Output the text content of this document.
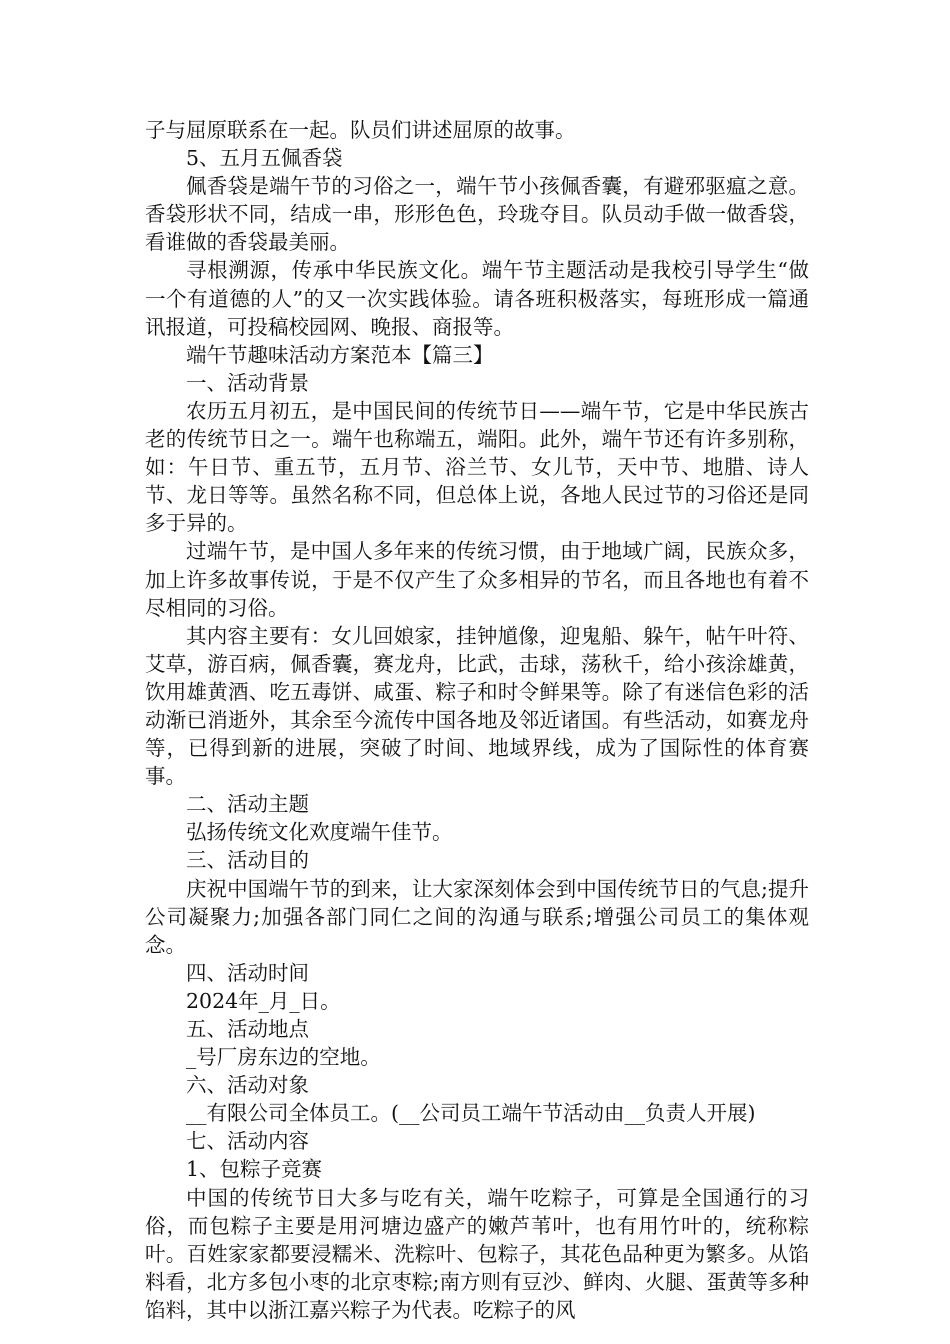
子与屈原联系在一起。队员们讲述屈原的故事。

5、五月五佩香袋

佩香袋是端午节的习俗之一，端午节小孩佩香囊，有避邪驱瘟之意。香袋形状不同，结成一串，形形色色，玲珑夺目。队员动手做一做香袋，看谁做的香袋最美丽。

寻根溯源，传承中华民族文化。端午节主题活动是我校引导学生“做一个有道德的人”的又一次实践体验。请各班积极落实，每班形成一篇通讯报道，可投稿校园网、晚报、商报等。

端午节趣味活动方案范本【篇三】

一、活动背景

农历五月初五，是中国民间的传统节日——端午节，它是中华民族古老的传统节日之一。端午也称端五，端阳。此外，端午节还有许多别称，如：午日节、重五节，五月节、浴兰节、女儿节，天中节、地腊、诗人节、龙日等等。虽然名称不同，但总体上说，各地人民过节的习俗还是同多于异的。

过端午节，是中国人多年来的传统习惯，由于地域广阔，民族众多，加上许多故事传说，于是不仅产生了众多相异的节名，而且各地也有着不尽相同的习俗。

其内容主要有：女儿回娘家，挂钟馗像，迎鬼船、躲午，帖午叶符、艾草，游百病，佩香囊，赛龙舟，比武，击球，荡秋千，给小孩涂雄黄，饮用雄黄酒、吃五毒饼、咸蛋、粽子和时令鲜果等。除了有迷信色彩的活动渐已消逝外，其余至今流传中国各地及邻近诸国。有些活动，如赛龙舟等，已得到新的进展，突破了时间、地域界线，成为了国际性的体育赛事。

二、活动主题

弘扬传统文化欢度端午佳节。

三、活动目的

庆祝中国端午节的到来，让大家深刻体会到中国传统节日的气息;提升公司凝聚力;加强各部门同仁之间的沟通与联系;增强公司员工的集体观念。

四、活动时间

2024年_月_日。

五、活动地点

_号厂房东边的空地。

六、活动对象

__有限公司全体员工。(__公司员工端午节活动由__负责人开展)

七、活动内容

1、包粽子竞赛

中国的传统节日大多与吃有关，端午吃粽子，可算是全国通行的习俗，而包粽子主要是用河塘边盛产的嫩芦苇叶，也有用竹叶的，统称粽叶。百姓家家都要浸糯米、洗粽叶、包粽子，其花色品种更为繁多。从馅料看，北方多包小枣的北京枣粽;南方则有豆沙、鲜肉、火腿、蛋黄等多种馅料，其中以浙江嘉兴粽子为代表。吃粽子的风
